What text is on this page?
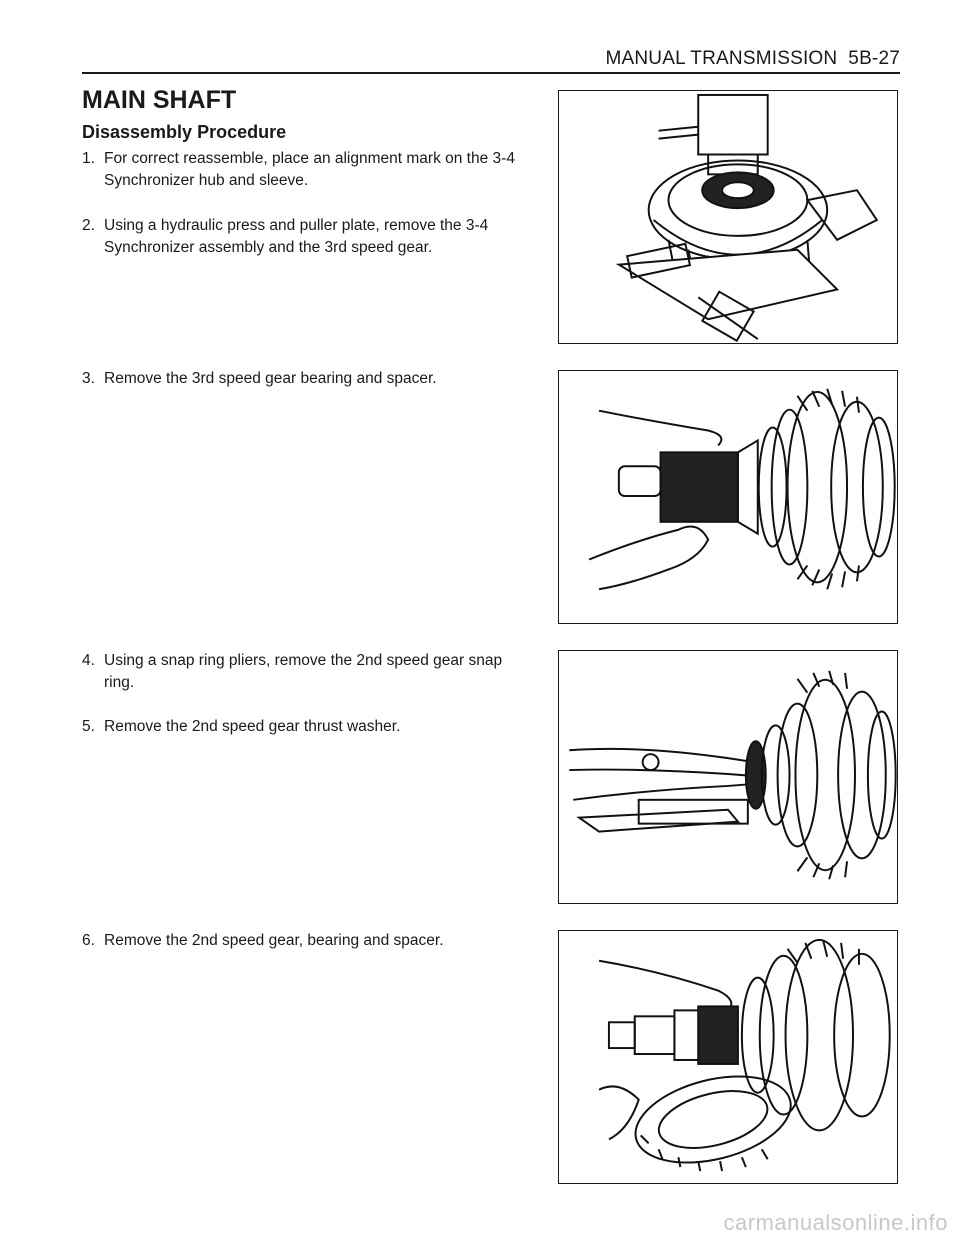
MANUAL TRANSMISSION 5B-27
MAIN SHAFT
Disassembly Procedure
1. For correct reassemble, place an alignment mark on the 3-4 Synchronizer hub and sleeve.
2. Using a hydraulic press and puller plate, remove the 3-4 Synchronizer assembly and the 3rd speed gear.
3. Remove the 3rd speed gear bearing and spacer.
4. Using a snap ring pliers, remove the 2nd speed gear snap ring.
5. Remove the 2nd speed gear thrust washer.
6. Remove the 2nd speed gear, bearing and spacer.
carmanualsonline.info
